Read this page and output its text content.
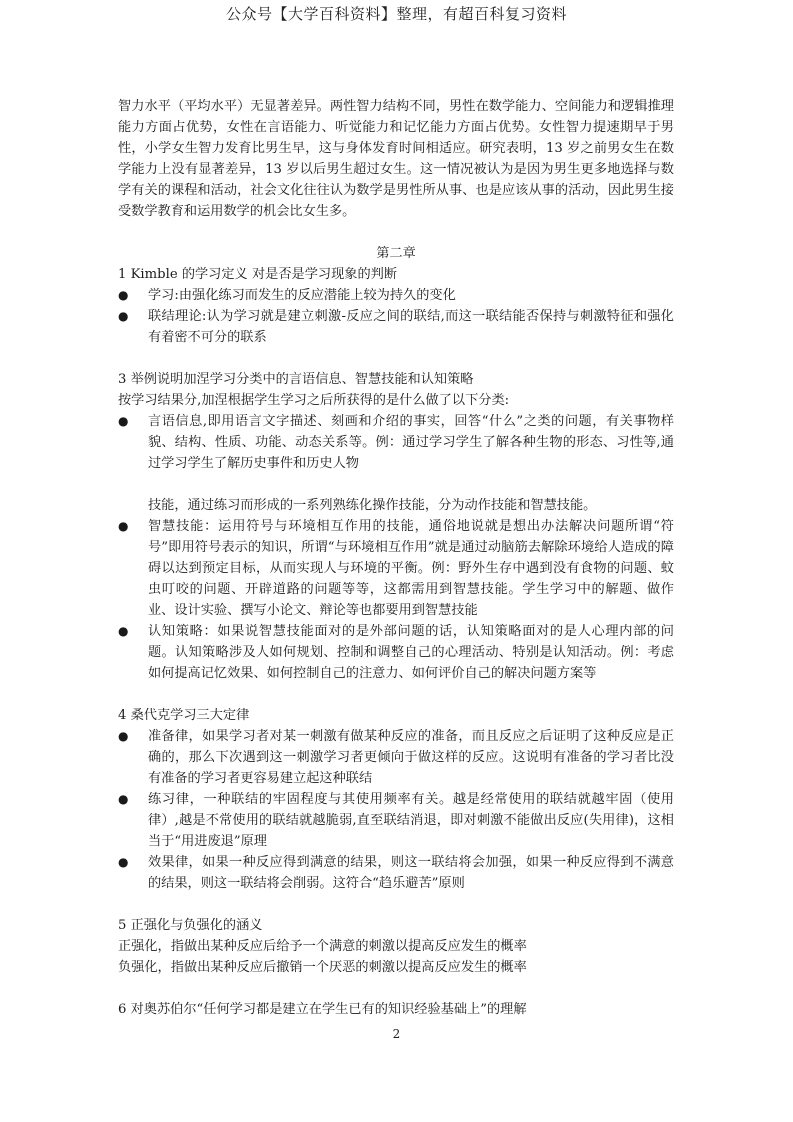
公众号【大学百科资料】整理，有超百科复习资料

智力水平（平均水平）无显著差异。两性智力结构不同，男性在数学能力、空间能力和逻辑推理能力方面占优势，女性在言语能力、听觉能力和记忆能力方面占优势。女性智力提速期早于男性，小学女生智力发育比男生早，这与身体发育时间相适应。研究表明，13 岁之前男女生在数学能力上没有显著差异，13 岁以后男生超过女生。这一情况被认为是因为男生更多地选择与数学有关的课程和活动，社会文化往往认为数学是男性所从事、也是应该从事的活动，因此男生接受数学教育和运用数学的机会比女生多。

第二章

1 Kimble 的学习定义 对是否是学习现象的判断

●	学习:由强化练习而发生的反应潜能上较为持久的变化
●	联结理论:认为学习就是建立刺激-反应之间的联结,而这一联结能否保持与刺激特征和强化有着密不可分的联系

3 举例说明加涅学习分类中的言语信息、智慧技能和认知策略

按学习结果分,加涅根据学生学习之后所获得的是什么做了以下分类:

●	言语信息,即用语言文字描述、刻画和介绍的事实，回答“什么”之类的问题，有关事物样貌、结构、性质、功能、动态关系等。例：通过学习学生了解各种生物的形态、习性等,通过学习学生了解历史事件和历史人物

技能，通过练习而形成的一系列熟练化操作技能，分为动作技能和智慧技能。

●	智慧技能：运用符号与环境相互作用的技能，通俗地说就是想出办法解决问题所谓“符号”即用符号表示的知识，所谓“与环境相互作用”就是通过动脑筋去解除环境给人造成的障碍以达到预定目标，从而实现人与环境的平衡。例：野外生存中遇到没有食物的问题、蚊虫叮咬的问题、开辟道路的问题等等，这都需用到智慧技能。学生学习中的解题、做作业、设计实验、撰写小论文、辩论等也都要用到智慧技能
●	认知策略：如果说智慧技能面对的是外部问题的话，认知策略面对的是人心理内部的问题。认知策略涉及人如何规划、控制和调整自己的心理活动、特别是认知活动。例：考虑如何提高记忆效果、如何控制自己的注意力、如何评价自己的解决问题方案等

4 桑代克学习三大定律

●	准备律，如果学习者对某一刺激有做某种反应的准备，而且反应之后证明了这种反应是正确的，那么下次遇到这一刺激学习者更倾向于做这样的反应。这说明有准备的学习者比没有准备的学习者更容易建立起这种联结
●	练习律，一种联结的牢固程度与其使用频率有关。越是经常使用的联结就越牢固（使用律）,越是不常使用的联结就越脆弱,直至联结消退，即对刺激不能做出反应(失用律)，这相当于“用进废退”原理
●	效果律，如果一种反应得到满意的结果，则这一联结将会加强，如果一种反应得到不满意的结果，则这一联结将会削弱。这符合“趋乐避苦”原则

5 正强化与负强化的涵义

正强化，指做出某种反应后给予一个满意的刺激以提高反应发生的概率

负强化，指做出某种反应后撤销一个厌恶的刺激以提高反应发生的概率

6 对奥苏伯尔“任何学习都是建立在学生已有的知识经验基础上”的理解

2
